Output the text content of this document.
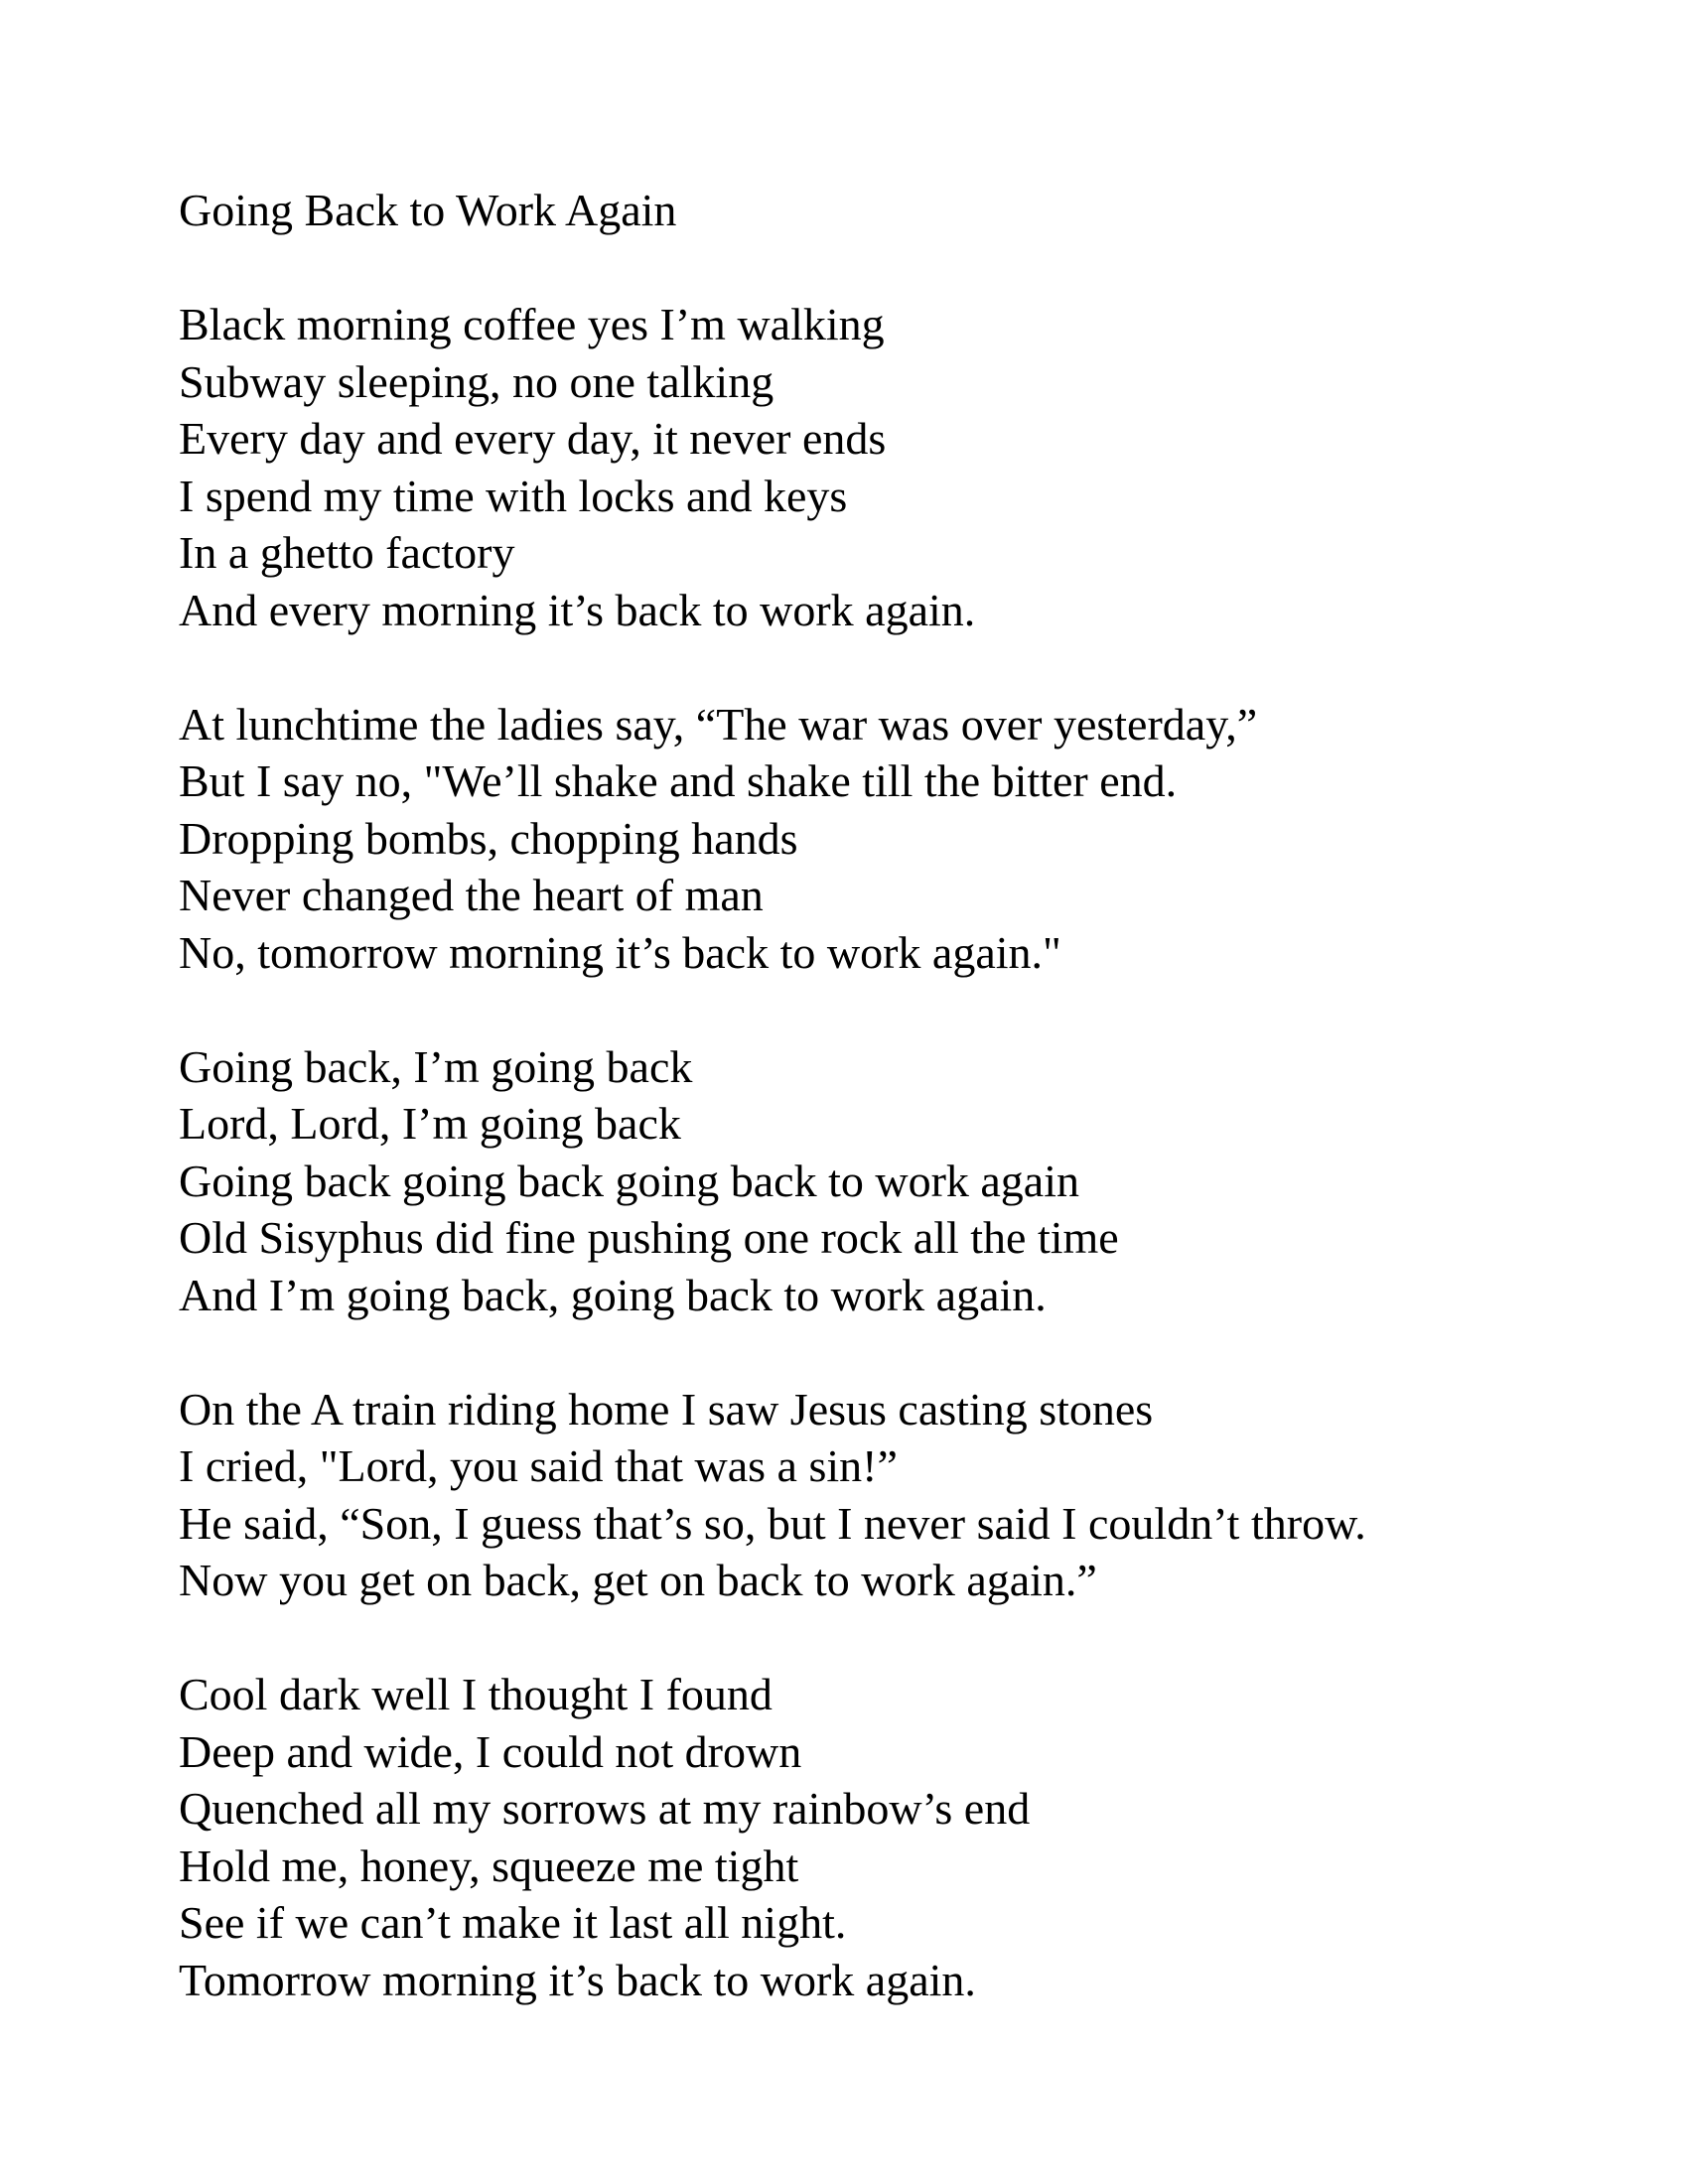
Going Back to Work Again
Black morning coffee yes I’m walking
Subway sleeping, no one talking
Every day and every day, it never ends
I spend my time with locks and keys
In a ghetto factory
And every morning it’s back to work again.
At lunchtime the ladies say, “The war was over yesterday,”
But I say no, "We’ll shake and shake till the bitter end.
Dropping bombs, chopping hands
Never changed the heart of man
No, tomorrow morning it’s back to work again."
Going back, I’m going back
Lord, Lord, I’m going back
Going back going back going back to work again
Old Sisyphus did fine pushing one rock all the time
And I’m going back, going back to work again.
On the A train riding home I saw Jesus casting stones
I cried, "Lord, you said that was a sin!”
He said, “Son, I guess that’s so, but I never said I couldn’t throw.
Now you get on back, get on back to work again.”
Cool dark well I thought I found
Deep and wide, I could not drown
Quenched all my sorrows at my rainbow’s end
Hold me, honey, squeeze me tight
See if we can’t make it last all night.
Tomorrow morning it’s back to work again.
